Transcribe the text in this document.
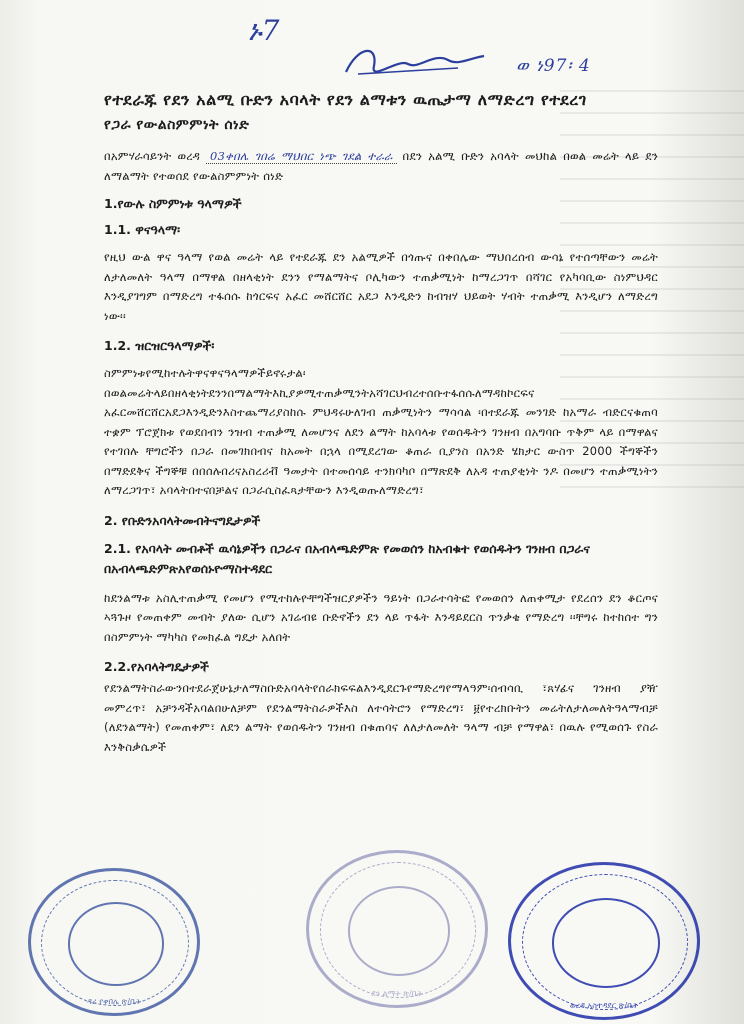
ኑ7
ወ ነ97፡ 4

የተደራጁ የደን አልሚ ቡድን አባላት የደን ልማቱን ዉጤታማ ለማድረግ የተደረገ

የጋራ የውልስምምነት ሰነድ

በአምሃራሳይንት ወረዳ 03ቀበሌ ገበሬ ማህበር ነጭ ገደል ተራራ በደን አልሚ ቡድን አባላት መህከል በወል መሬት ላይ ደን ለማልማት የተወሰደ የውልስምምነት ሰነድ

1.የውሉ ስምምነቱ ዓላማዎች

1.1. ዋናዓላማ፡

የዚህ ውል ዋና ዓላማ የወል መሬት ላይ የተደራጁ ደን አልሚዎች በጎጡና በቀበሌው ማህበረሰብ ውሳኔ የተሰጣቸውን መሬት ለታለመለት ዓላማ በማዋል በዘላቂነት ደንን የማልማትና ቦሊካውን ተጠቃሚነት ከማረጋገጥ በሻገር የአካባቢው ስነምህዳር እንዲያገግም በማድረግ ተፋሰሱ ከጎርፍና አፈር መሸርሸር አደጋ እንዲድን ከብዝሃ ህይወት ሃብት ተጠቃሚ እንዲሆን ለማድረግ ነው፡፡

1.2. ዝርዝርዓላማዎች፡

ስምምነቱየሚከተሉትዋናዋናዓላማዎችይኖሩታል፡

በወልመሬትላይበዘላቂነትደንንበማልማትእኪያዎሚተጠቃሚንትአሻገርህብረተሰቡተፋሰሱለማዳከኮርፍና አፈርመሸርሸርአደጋእንዲድንእስተጨማሪያስከሱ ምህዳሩሁለገብ ጠቃሚነትን ማሳሳል ፡በተደራጁ መንገድ ከአማራ ብድርናቁጠባ ተቋም ፕሮጀክቱ የወደበብን ንዝብ ተጠቃሚ ለመሆንና ለደን ልማት ከአባላቱ የወሰዱትን ገንዘብ በአግባቡ ጥቅም ላይ በማዋልና የተገበሉ ቸግሮችን በጋራ በመገክበብና ከአመት በኋላ በሚደረገው ቆጠራ ቢያንስ በአንድ ሄክታር ውስጥ 2000 ችግኞችን በማድደቅና ችግኞቹ በበሰሉበሪናአስረሪቭ ዓመታት በተመሰሳይ ተንክባካቦ በማጽደቅ ለአዳ ተጠያቂነት ንዶ በመሆን ተጠቃሚነትን ለማረጋገጥ፣ አባላትበተናበቻልና በጋራሲስፈጻታቸውን እንዲወጡለማድረግ፣

2. የቡድንአባላትመብትናግዴታዎች

2.1. የአባላት መብቶች ዉሳኔዎችን በጋራና በአብላጫድምጽ የመወሰን ከአብቁተ የወሰዱትን ገንዘብ በጋራና በአብላጫድምጽአየወሰኑዮማስተዳደር

ከደንልማቱ አስሊተጠቃሚ የመሆን የሚተከሉዮቸግችዝርያዎችን ዓይነት በጋራተሳትፎ የመወሰን ለጠቀሚታ የደረሰን ደን ቆርጦና ኣጓጉዞ የመጠቀም መብት ያለው ሲሆን አገሬብዩ ቡድኖችን ደን ላይ ጥፋት እንዳይደርስ ጥንቃቄ የማድረግ ፡፡ቸግሩ ከተከሰተ ግን በስምምነት ማካካስ የመክፈል ግዴታ አለበት

2.2.የአባላትግዴታዎች

የደንልማትስራውንበተደራጀሁኔታለማስቡድአባላትየሰራክፍፍልእንዲደርጉየማድረግየማላዓም፡ሰብሳቢ ፣ጸሃፊና ገንዘብ ያዥ መምረጥ፣ አቻንዳችአባልበሁለቻም የደንልማትስራዎችእስ ለተሳትሮን የማድረግ፣ ፱የተረክቡትን መሬትለታለመለትዓላማብቻ (ለደንልማት) የመጠቀም፣ ለደን ልማት የወሰዱትን ገንዘብ በቁጠባና ለለታለመለት ዓላማ ብቻ የማዋል፣ በዉሉ የሚወሰጉ የስራ እንቅስቃሴዎች

ዳሪ የቀበሌ ጽ/ቤት
ደን ልማት ጽ/ቤት
ወረዳ አስተዳደር ጽ/ቤት
